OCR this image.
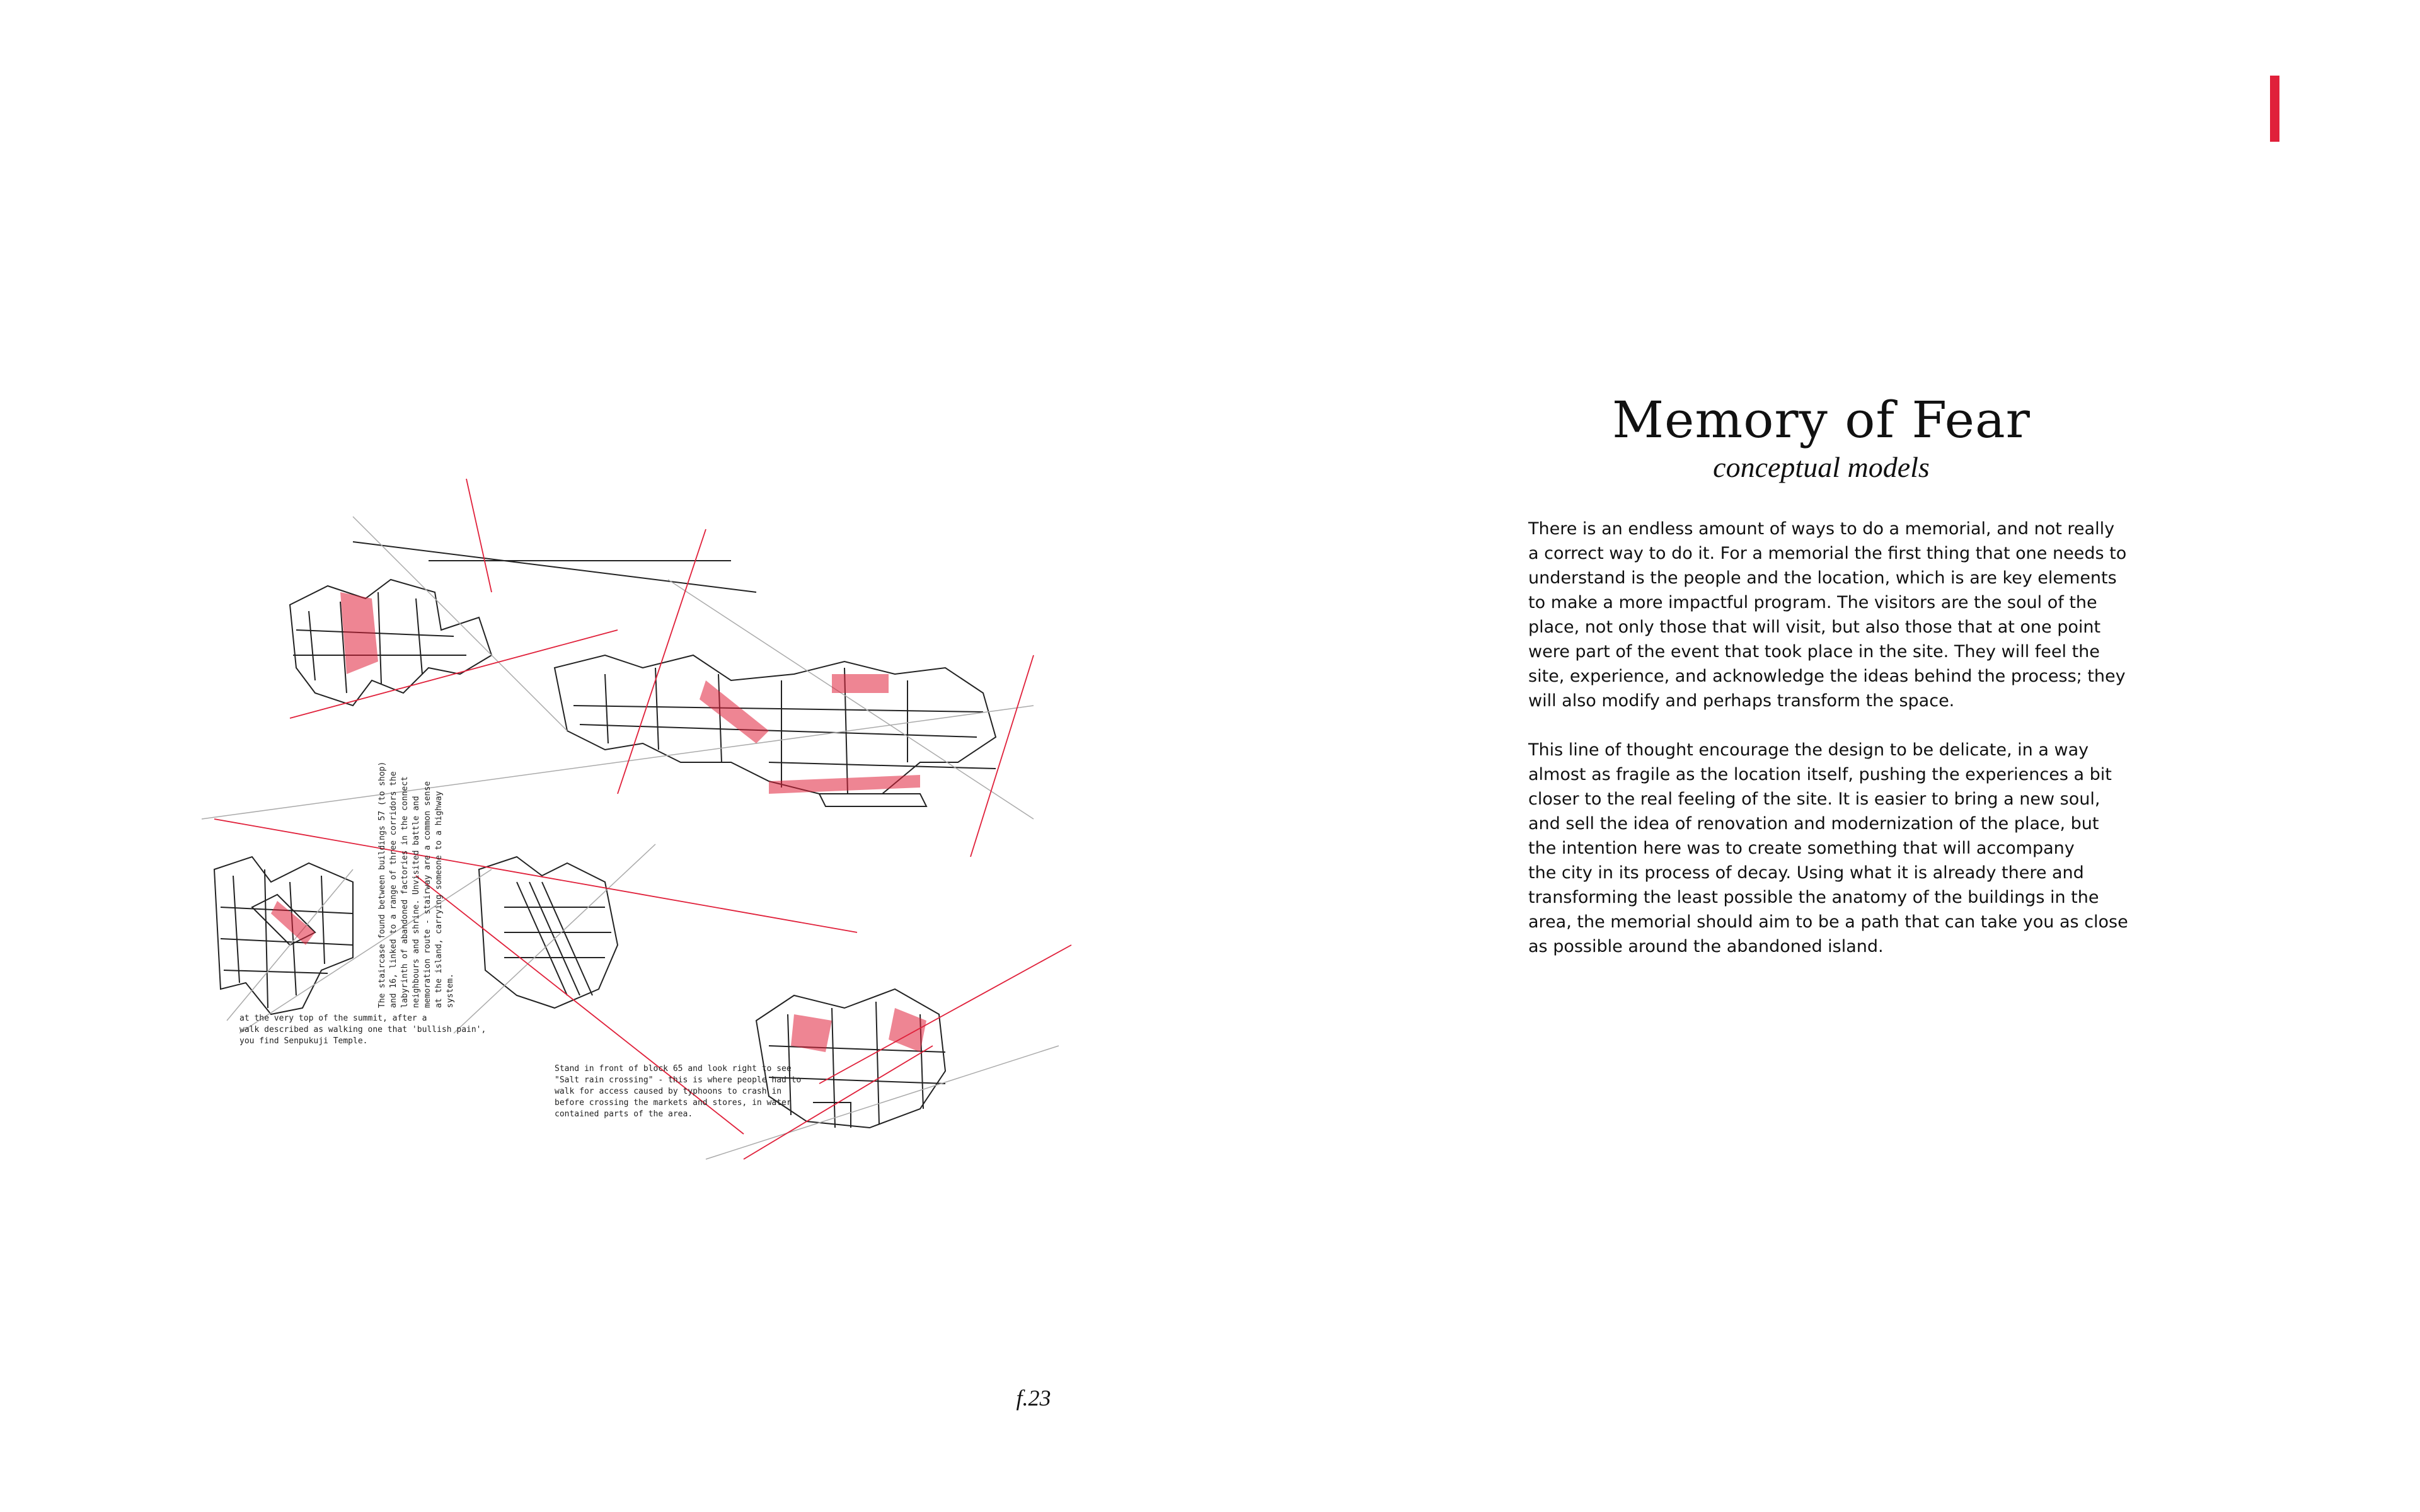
at the very top of the summit, after a
walk described as walking one that 'bullish pain',
you find Senpukuji Temple.
The staircase found between buildings 57 (to shop) and 16, linked to a range of three corridors the labyrinth of abandoned factories in the connect neighbours and shrine. Unvisited battle and memoration route - stairway are a common sense at the island, carrying someone to a highway system.
Stand in front of block 65 and look right to see
"Salt rain crossing" - this is where people had to
walk for access caused by typhoons to crash in
before crossing the markets and stores, in water
contained parts of the area.
Memory of Fear
conceptual models

There is an endless amount of ways to do a memorial, and not really
a correct way to do it. For a memorial the first thing that one needs to
understand is the people and the location, which is are key elements
to make a more impactful program. The visitors are the soul of the
place, not only those that will visit, but also those that at one point
were part of the event that took place in the site. They will feel the
site, experience, and acknowledge the ideas behind the process; they
will also modify and perhaps transform the space.

This line of thought encourage the design to be delicate, in a way
almost as fragile as the location itself, pushing the experiences a bit
closer to the real feeling of the site. It is easier to bring a new soul,
and sell the idea of renovation and modernization of the place, but
the intention here was to create something that will accompany
the city in its process of decay. Using what it is already there and
transforming the least possible the anatomy of the buildings in the
area, the memorial should aim to be a path that can take you as close
as possible around the abandoned island.

f.23
